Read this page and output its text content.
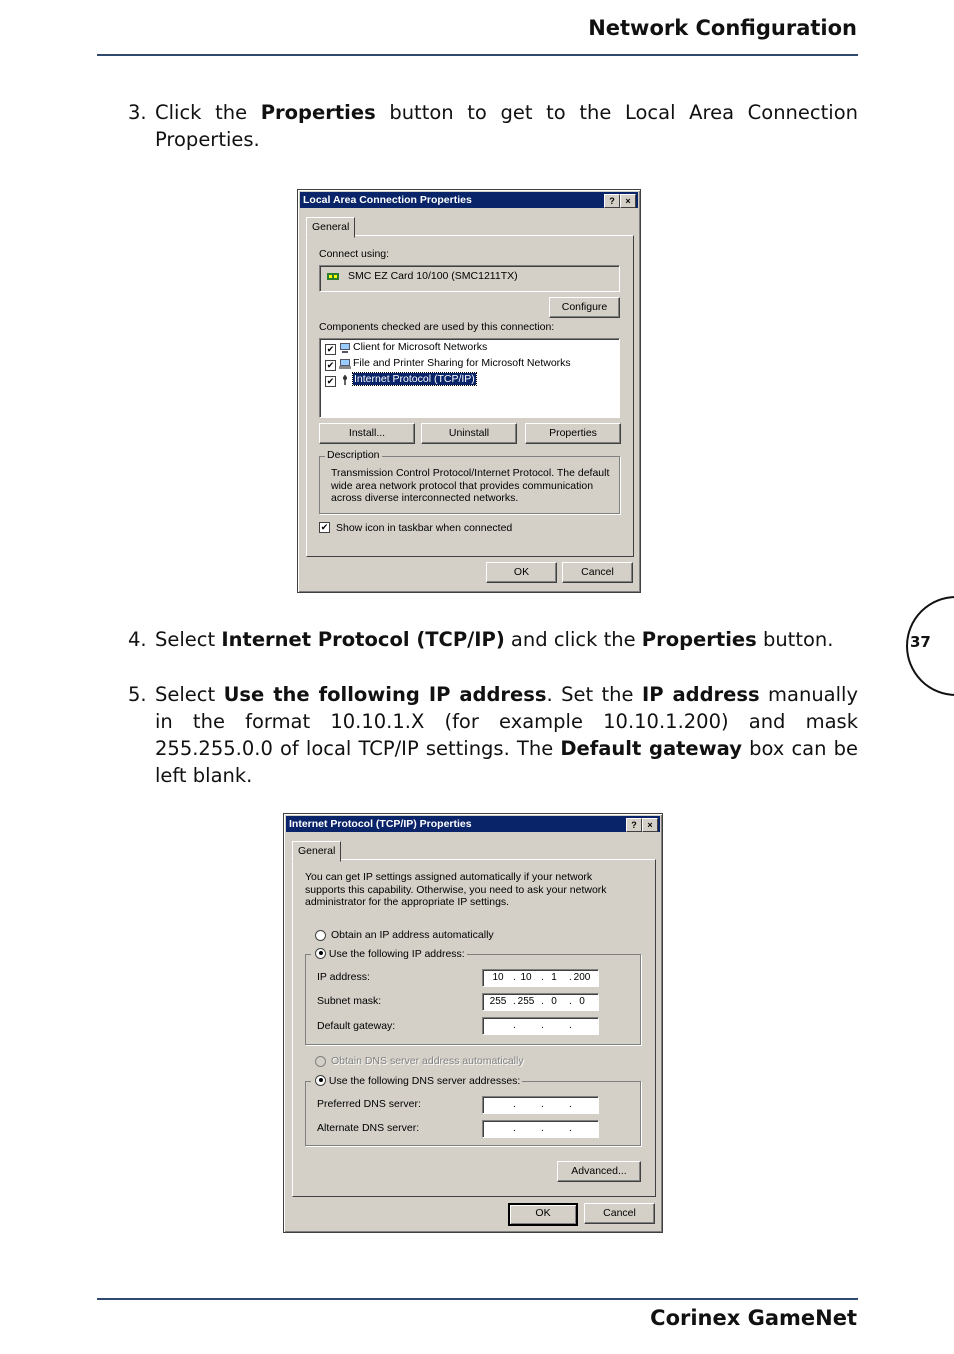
Network Configuration
3. Click the Properties button to get to the Local Area Connection Properties.
Local Area Connection Properties	?	×
General
Connect using:
SMC EZ Card 10/100 (SMC1211TX)
Configure
Components checked are used by this connection:
✔ Client for Microsoft Networks
✔ File and Printer Sharing for Microsoft Networks
✔ Internet Protocol (TCP/IP)
Install...	Uninstall	Properties
Description
Transmission Control Protocol/Internet Protocol. The default wide area network protocol that provides communication across diverse interconnected networks.
✔ Show icon in taskbar when connected
OK	Cancel
4. Select Internet Protocol (TCP/IP) and click the Properties button.	37
5. Select Use the following IP address. Set the IP address manually in the format 10.10.1.X (for example 10.10.1.200) and mask 255.255.0.0 of local TCP/IP settings. The Default gateway box can be left blank.
Internet Protocol (TCP/IP) Properties	?	×
General
You can get IP settings assigned automatically if your network supports this capability. Otherwise, you need to ask your network administrator for the appropriate IP settings.
Obtain an IP address automatically
Use the following IP address:
IP address:	10 . 10 . 1	. 200
Subnet mask:	255 . 255 . 0	. 0
Default gateway:	.	.	.
Obtain DNS server address automatically
Use the following DNS server addresses:
Preferred DNS server:	.	.	.
Alternate DNS server:	.	.	.
Advanced...
OK	Cancel
Corinex GameNet
